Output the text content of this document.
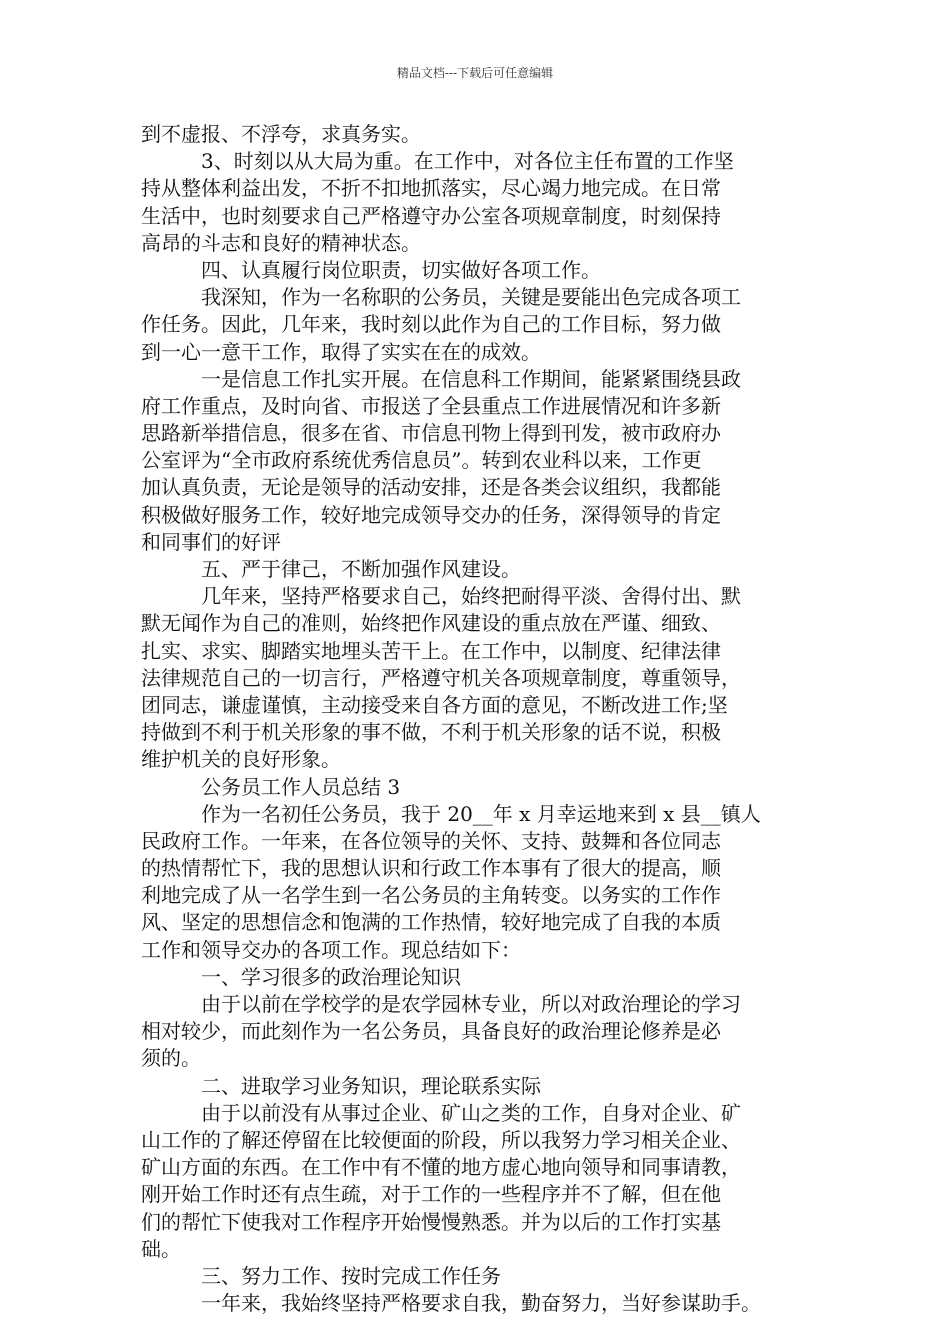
精品文档---下载后可任意编辑
到不虚报、不浮夸，求真务实。
3、时刻以从大局为重。在工作中，对各位主任布置的工作坚
持从整体利益出发，不折不扣地抓落实，尽心竭力地完成。在日常
生活中，也时刻要求自己严格遵守办公室各项规章制度，时刻保持
高昂的斗志和良好的精神状态。
四、认真履行岗位职责，切实做好各项工作。
我深知，作为一名称职的公务员，关键是要能出色完成各项工
作任务。因此，几年来，我时刻以此作为自己的工作目标，努力做
到一心一意干工作，取得了实实在在的成效。
一是信息工作扎实开展。在信息科工作期间，能紧紧围绕县政
府工作重点，及时向省、市报送了全县重点工作进展情况和许多新
思路新举措信息，很多在省、市信息刊物上得到刊发，被市政府办
公室评为“全市政府系统优秀信息员”。转到农业科以来，工作更
加认真负责，无论是领导的活动安排，还是各类会议组织，我都能
积极做好服务工作，较好地完成领导交办的任务，深得领导的肯定
和同事们的好评
五、严于律己，不断加强作风建设。
几年来，坚持严格要求自己，始终把耐得平淡、舍得付出、默
默无闻作为自己的准则，始终把作风建设的重点放在严谨、细致、
扎实、求实、脚踏实地埋头苦干上。在工作中，以制度、纪律法律
法律规范自己的一切言行，严格遵守机关各项规章制度，尊重领导，
团同志，谦虚谨慎，主动接受来自各方面的意见，不断改进工作;坚
持做到不利于机关形象的事不做，不利于机关形象的话不说，积极
维护机关的良好形象。
公务员工作人员总结 3
作为一名初任公务员，我于 20__年 x 月幸运地来到 x 县__镇人
民政府工作。一年来，在各位领导的关怀、支持、鼓舞和各位同志
的热情帮忙下，我的思想认识和行政工作本事有了很大的提高，顺
利地完成了从一名学生到一名公务员的主角转变。以务实的工作作
风、坚定的思想信念和饱满的工作热情，较好地完成了自我的本质
工作和领导交办的各项工作。现总结如下：
一、学习很多的政治理论知识
由于以前在学校学的是农学园林专业，所以对政治理论的学习
相对较少，而此刻作为一名公务员，具备良好的政治理论修养是必
须的。
二、进取学习业务知识，理论联系实际
由于以前没有从事过企业、矿山之类的工作，自身对企业、矿
山工作的了解还停留在比较便面的阶段，所以我努力学习相关企业、
矿山方面的东西。在工作中有不懂的地方虚心地向领导和同事请教，
刚开始工作时还有点生疏，对于工作的一些程序并不了解，但在他
们的帮忙下使我对工作程序开始慢慢熟悉。并为以后的工作打实基
础。
三、努力工作、按时完成工作任务
一年来，我始终坚持严格要求自我，勤奋努力，当好参谋助手。
